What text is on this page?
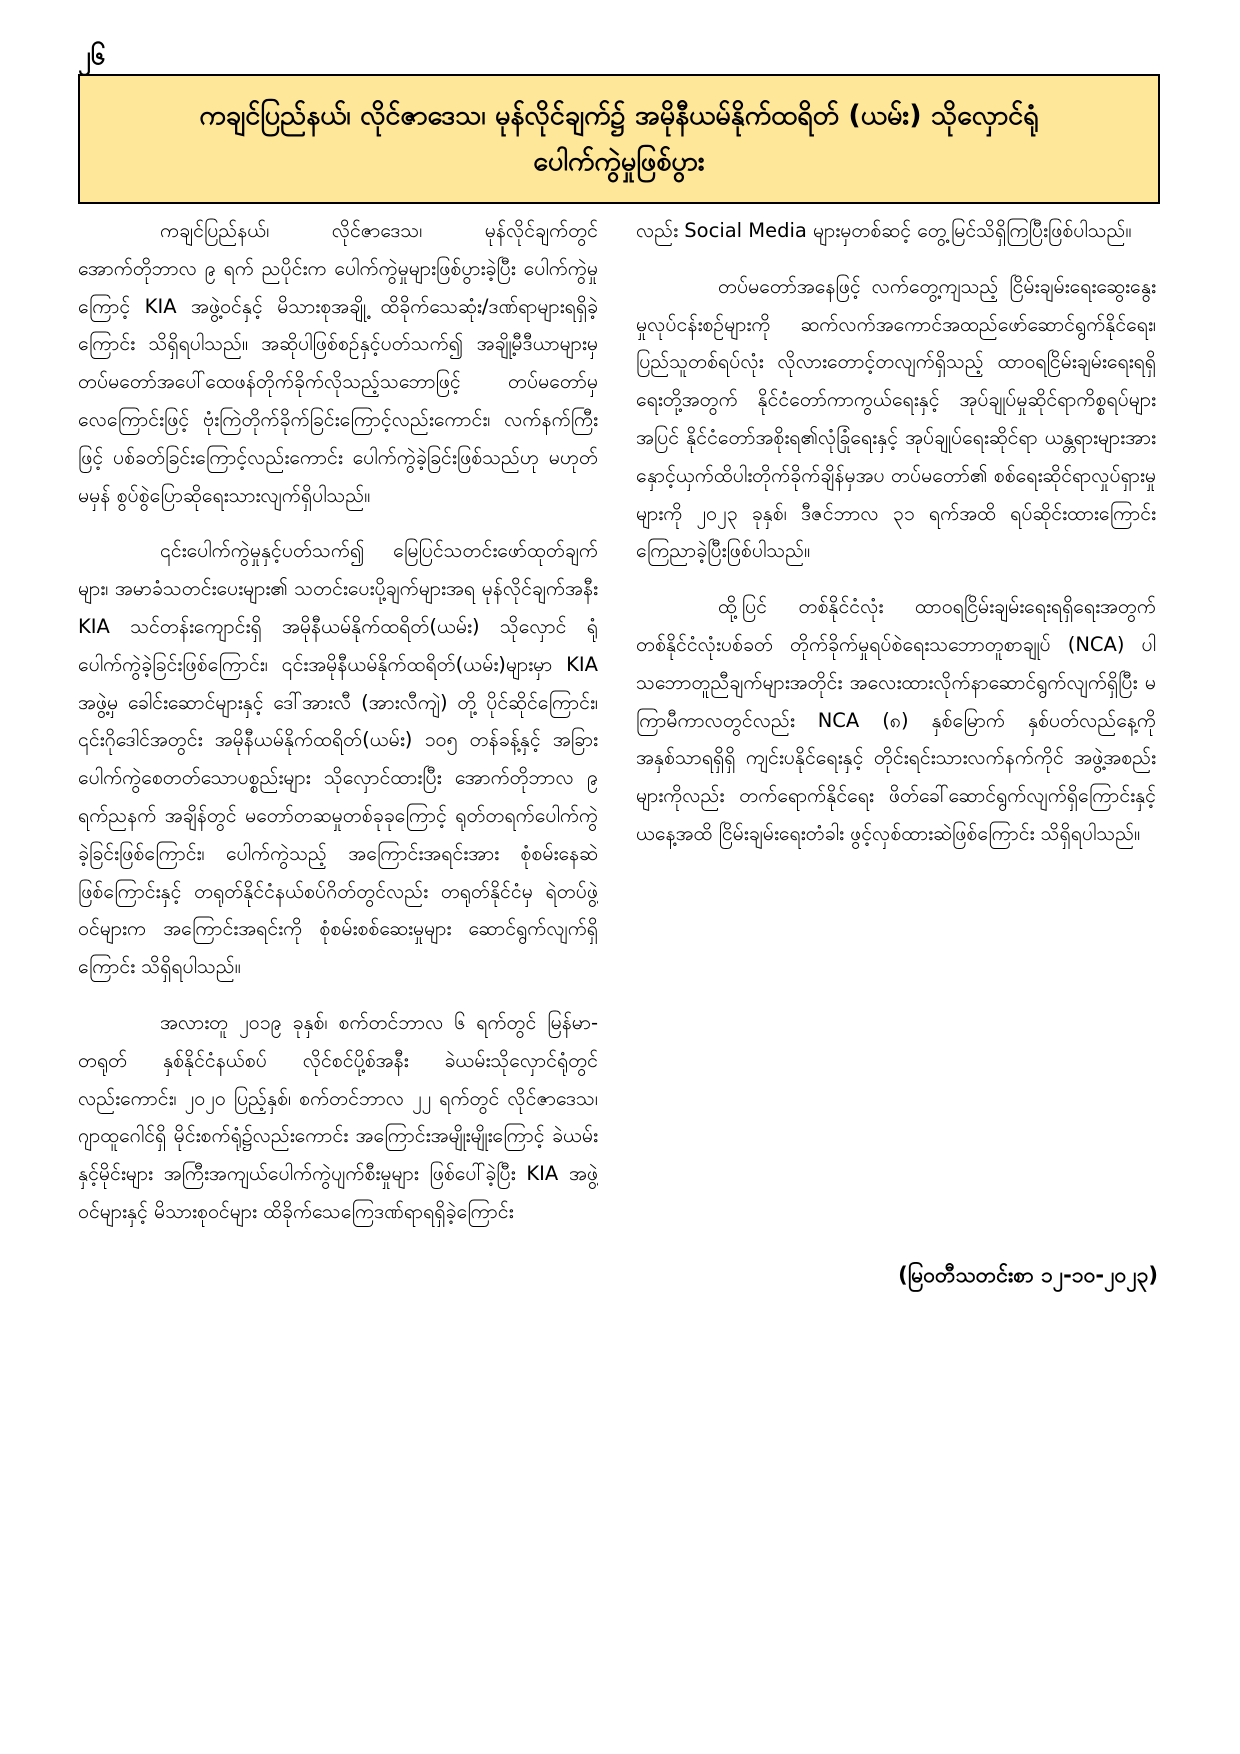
၂၆
ကချင်ပြည်နယ်၊ လိုင်ဇာဒေသ၊ မုန်လိုင်ချက်၌ အမိုနီယမ်နိုက်ထရိတ် (ယမ်း) သိုလှောင်ရုံ
ပေါက်ကွဲမှုဖြစ်ပွား

ကချင်ပြည်နယ်၊ လိုင်ဇာဒေသ၊ မုန်လိုင်ချက်တွင် အောက်တိုဘာလ ၉ ရက် ညပိုင်းက ပေါက်ကွဲမှုများဖြစ်ပွားခဲ့ပြီး ပေါက်ကွဲမှုကြောင့် KIA အဖွဲ့ဝင်နှင့် မိသားစုအချို့ ထိခိုက်သေဆုံး/ဒဏ်ရာများရရှိခဲ့ကြောင်း သိရှိရပါသည်။ အဆိုပါဖြစ်စဉ်နှင့်ပတ်သက်၍ အချို့မီဒီယာများမှ တပ်မတော်အပေါ်ထေဖန်တိုက်ခိုက်လိုသည့်သဘောဖြင့် တပ်မတော်မှ လေကြောင်းဖြင့် ဗုံးကြဲတိုက်ခိုက်ခြင်းကြောင့်လည်းကောင်း၊ လက်နက်ကြီးဖြင့် ပစ်ခတ်ခြင်းကြောင့်လည်းကောင်း ပေါက်ကွဲခဲ့ခြင်းဖြစ်သည်ဟု မဟုတ်မမှန် စွပ်စွဲပြောဆိုရေးသားလျက်ရှိပါသည်။

၎င်းပေါက်ကွဲမှုနှင့်ပတ်သက်၍ မြေပြင်သတင်းဖော်ထုတ်ချက်များ၊ အမာခံသတင်းပေးများ၏ သတင်းပေးပို့ချက်များအရ မုန်လိုင်ချက်အနီး KIA သင်တန်းကျောင်းရှိ အမိုနီယမ်နိုက်ထရိတ်(ယမ်း) သိုလှောင် ရုံပေါက်ကွဲခဲ့ခြင်းဖြစ်ကြောင်း၊ ၎င်းအမိုနီယမ်နိုက်ထရိတ်(ယမ်း)များမှာ KIA အဖွဲ့မှ ခေါင်းဆောင်များနှင့် ဒေါ်အားလီ (အားလီကျဲ) တို့ ပိုင်ဆိုင်ကြောင်း၊ ၎င်းဂိုဒေါင်အတွင်း အမိုနီယမ်နိုက်ထရိတ်(ယမ်း) ၁၀၅ တန်ခန့်နှင့် အခြားပေါက်ကွဲစေတတ်သောပစ္စည်းများ သိုလှောင်ထားပြီး အောက်တိုဘာလ ၉ ရက်ညနက် အချိန်တွင် မတော်တဆမှုတစ်ခုခုကြောင့် ရုတ်တရက်ပေါက်ကွဲခဲ့ခြင်းဖြစ်ကြောင်း၊ ပေါက်ကွဲသည့် အကြောင်းအရင်းအား စုံစမ်းနေဆဲဖြစ်ကြောင်းနှင့် တရုတ်နိုင်ငံနယ်စပ်ဂိတ်တွင်လည်း တရုတ်နိုင်ငံမှ ရဲတပ်ဖွဲ့ဝင်များက အကြောင်းအရင်းကို စုံစမ်းစစ်ဆေးမှုများ ဆောင်ရွက်လျက်ရှိကြောင်း သိရှိရပါသည်။

အလားတူ ၂၀၁၉ ခုနှစ်၊ စက်တင်ဘာလ ၆ ရက်တွင် မြန်မာ-တရုတ် နှစ်နိုင်ငံနယ်စပ် လိုင်စင်ပို့စ်အနီး ခဲယမ်းသိုလှောင်ရုံတွင်လည်းကောင်း၊ ၂၀၂၀ ပြည့်နှစ်၊ စက်တင်ဘာလ ၂၂ ရက်တွင် လိုင်ဇာဒေသ၊ ဂျာထူဂေါင်ရှိ မိုင်းစက်ရုံ၌လည်းကောင်း အကြောင်းအမျိုးမျိုးကြောင့် ခဲယမ်းနှင့်မိုင်းများ အကြီးအကျယ်ပေါက်ကွဲပျက်စီးမှုများ ဖြစ်ပေါ်ခဲ့ပြီး KIA အဖွဲ့ဝင်များနှင့် မိသားစုဝင်များ ထိခိုက်သေကြေဒဏ်ရာရရှိခဲ့ကြောင်း

လည်း Social Media များမှတစ်ဆင့် တွေ့မြင်သိရှိကြပြီးဖြစ်ပါသည်။

တပ်မတော်အနေဖြင့် လက်တွေ့ကျသည့် ငြိမ်းချမ်းရေးဆွေးနွေးမှုလုပ်ငန်းစဉ်များကို ဆက်လက်အကောင်အထည်ဖော်ဆောင်ရွက်နိုင်ရေး၊ ပြည်သူတစ်ရပ်လုံး လိုလားတောင့်တလျက်ရှိသည့် ထာဝရငြိမ်းချမ်းရေးရရှိရေးတို့အတွက် နိုင်ငံတော်ကာကွယ်ရေးနှင့် အုပ်ချုပ်မှုဆိုင်ရာကိစ္စရပ်များအပြင် နိုင်ငံတော်အစိုးရ၏လုံခြုံရေးနှင့် အုပ်ချုပ်ရေးဆိုင်ရာ ယန္တရားများအား နှောင့်ယှက်ထိပါးတိုက်ခိုက်ချိန်မှအပ တပ်မတော်၏ စစ်ရေးဆိုင်ရာလှုပ်ရှားမှုများကို ၂၀၂၃ ခုနှစ်၊ ဒီဇင်ဘာလ ၃၁ ရက်အထိ ရပ်ဆိုင်းထားကြောင်း ကြေညာခဲ့ပြီးဖြစ်ပါသည်။

ထို့ပြင် တစ်နိုင်ငံလုံး ထာဝရငြိမ်းချမ်းရေးရရှိရေးအတွက် တစ်နိုင်ငံလုံးပစ်ခတ် တိုက်ခိုက်မှုရပ်စဲရေးသဘောတူစာချုပ် (NCA) ပါသဘောတူညီချက်များအတိုင်း အလေးထားလိုက်နာဆောင်ရွက်လျက်ရှိပြီး မကြာမီကာလတွင်လည်း NCA (၈) နှစ်မြောက် နှစ်ပတ်လည်နေ့ကို အနှစ်သာရရှိရှိ ကျင်းပနိုင်ရေးနှင့် တိုင်းရင်းသားလက်နက်ကိုင် အဖွဲ့အစည်းများကိုလည်း တက်ရောက်နိုင်ရေး ဖိတ်ခေါ်ဆောင်ရွက်လျက်ရှိကြောင်းနှင့် ယနေ့အထိ ငြိမ်းချမ်းရေးတံခါး ဖွင့်လှစ်ထားဆဲဖြစ်ကြောင်း သိရှိရပါသည်။

(မြဝတီသတင်းစာ ၁၂-၁၀-၂၀၂၃)
